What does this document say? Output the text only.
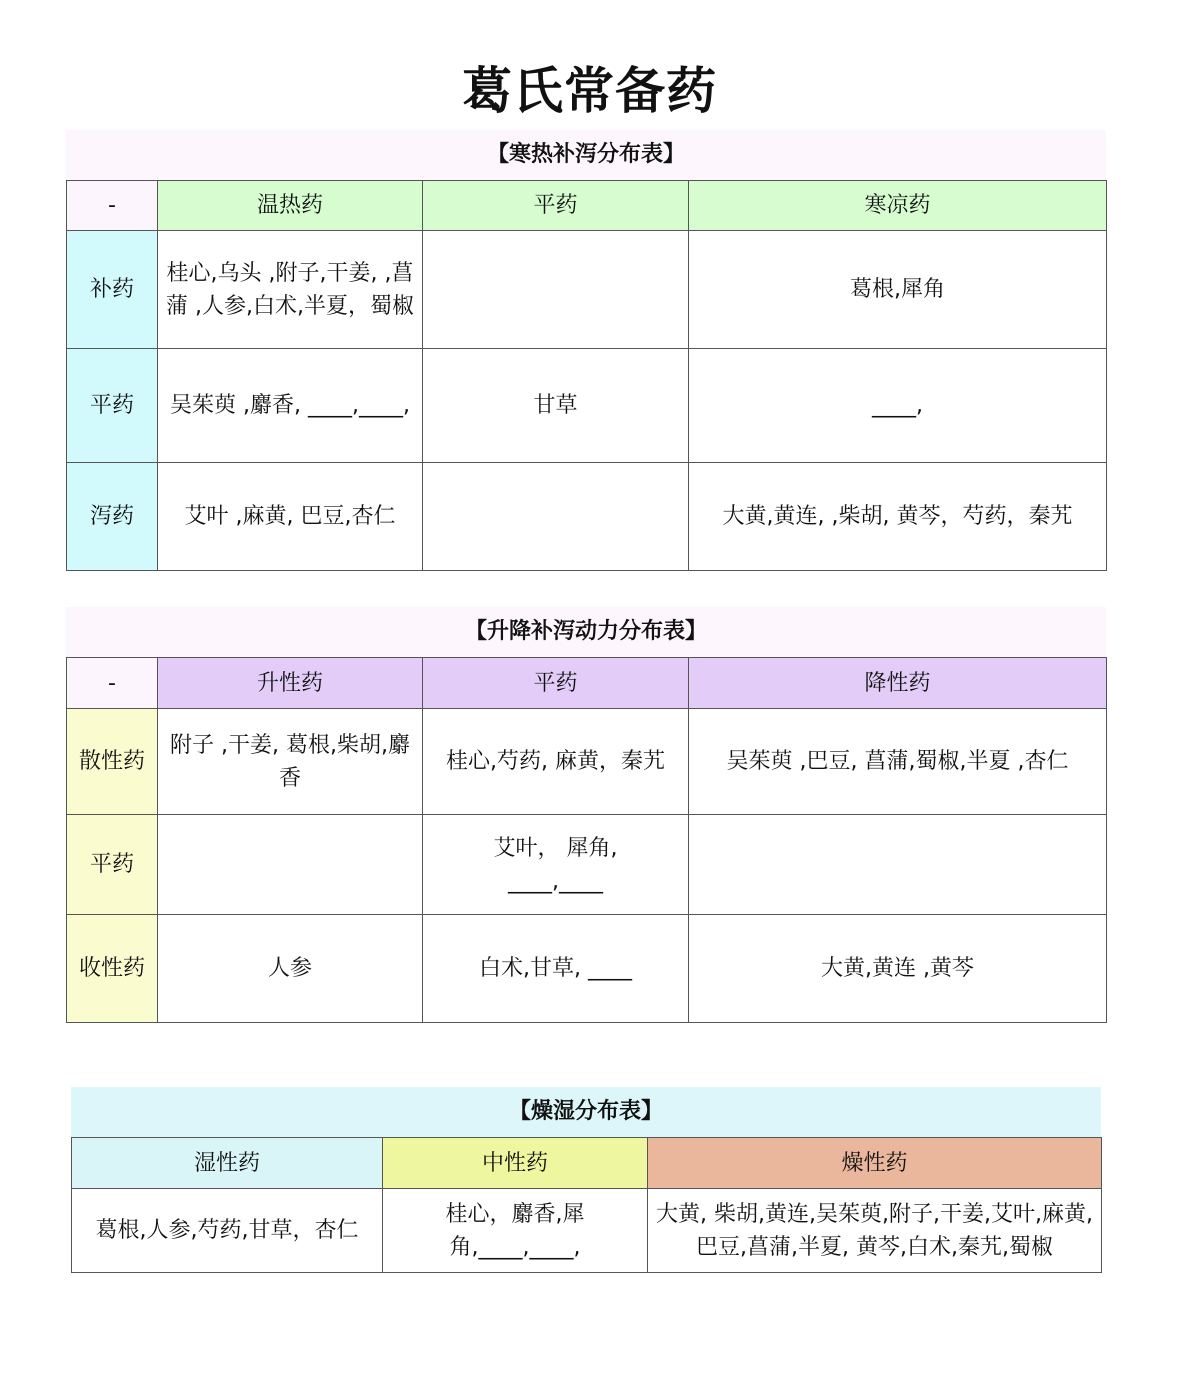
葛氏常备药
【寒热补泻分布表】
-	温热药	平药	寒凉药
补药	桂心,乌头 ,附子,干姜, ,菖蒲 ,人参,白术,半夏，蜀椒		葛根,犀角
平药	吴茱萸 ,麝香, ____,____,	甘草	____,
泻药	艾叶 ,麻黄, 巴豆,杏仁		大黄,黄连, ,柴胡, 黄芩，芍药，秦艽
【升降补泻动力分布表】
-	升性药	平药	降性药
散性药	附子 ,干姜, 葛根,柴胡,麝香	桂心,芍药, 麻黄，秦艽	吴茱萸 ,巴豆, 菖蒲,蜀椒,半夏 ,杏仁
平药		艾叶， 犀角, ____,____	
收性药	人参	白术,甘草, ____	大黄,黄连 ,黄芩
【燥湿分布表】
湿性药	中性药	燥性药
葛根,人参,芍药,甘草，杏仁	桂心，麝香,犀角,____,____,	大黄, 柴胡,黄连,吴茱萸,附子,干姜,艾叶,麻黄,巴豆,菖蒲,半夏, 黄芩,白术,秦艽,蜀椒
